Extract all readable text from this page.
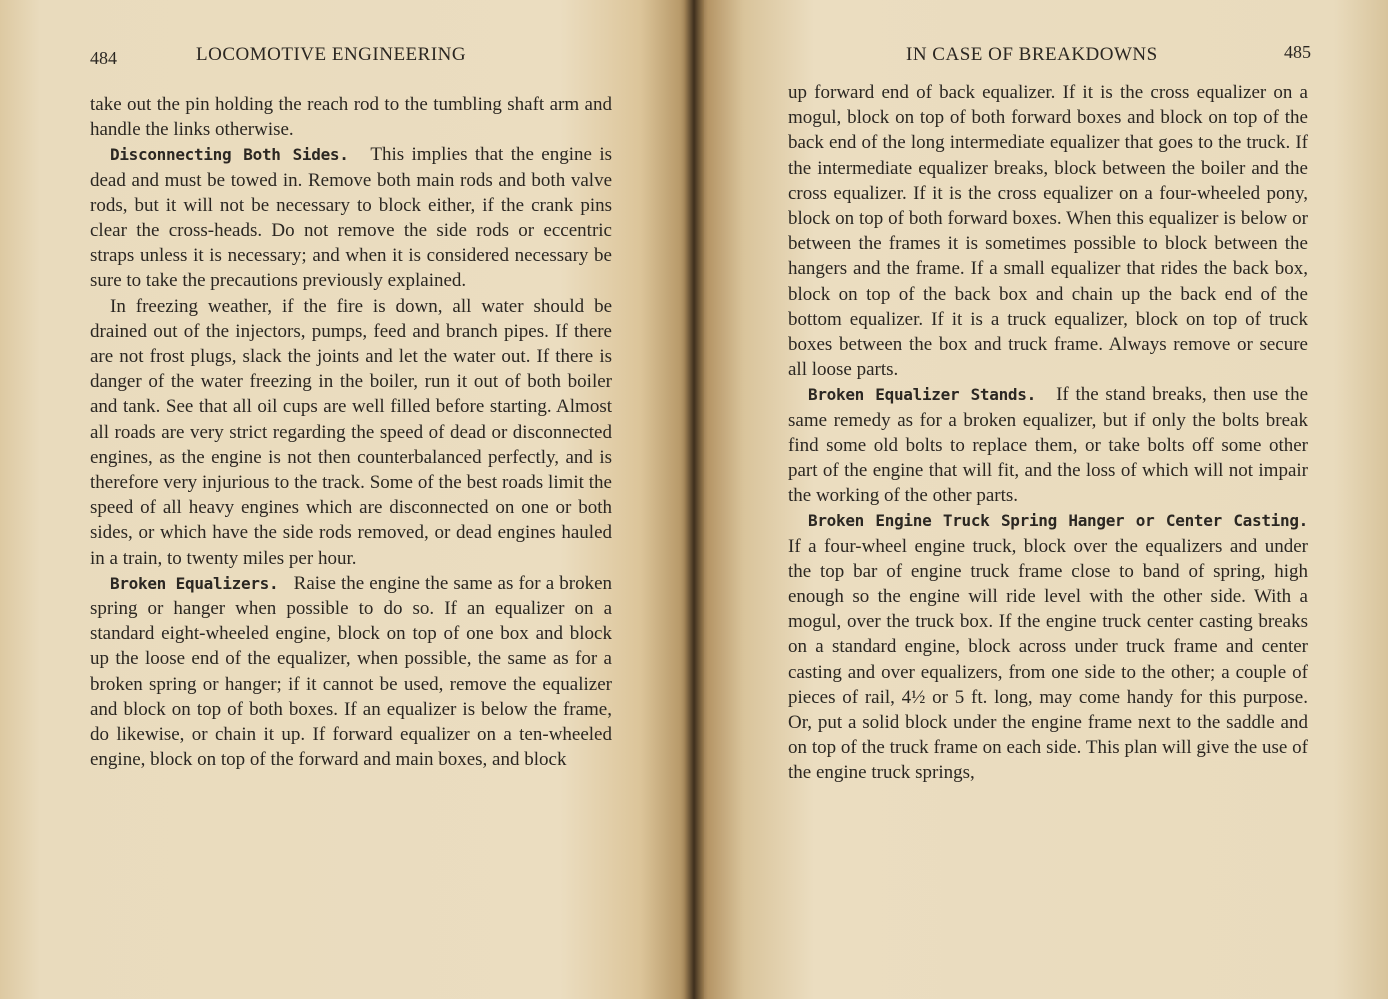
484	LOCOMOTIVE ENGINEERING

take out the pin holding the reach rod to the tumbling shaft arm and handle the links otherwise.

Disconnecting Both Sides. This implies that the engine is dead and must be towed in. Remove both main rods and both valve rods, but it will not be necessary to block either, if the crank pins clear the cross-heads. Do not remove the side rods or eccentric straps unless it is necessary; and when it is considered necessary be sure to take the precautions previously explained.

In freezing weather, if the fire is down, all water should be drained out of the injectors, pumps, feed and branch pipes. If there are not frost plugs, slack the joints and let the water out. If there is danger of the water freezing in the boiler, run it out of both boiler and tank. See that all oil cups are well filled before starting. Almost all roads are very strict regarding the speed of dead or disconnected engines, as the engine is not then counterbalanced perfectly, and is therefore very injurious to the track. Some of the best roads limit the speed of all heavy engines which are disconnected on one or both sides, or which have the side rods removed, or dead engines hauled in a train, to twenty miles per hour.

Broken Equalizers. Raise the engine the same as for a broken spring or hanger when possible to do so. If an equalizer on a standard eight-wheeled engine, block on top of one box and block up the loose end of the equalizer, when possible, the same as for a broken spring or hanger; if it cannot be used, remove the equalizer and block on top of both boxes. If an equalizer is below the frame, do likewise, or chain it up. If forward equalizer on a ten-wheeled engine, block on top of the forward and main boxes, and block

IN CASE OF BREAKDOWNS	485

up forward end of back equalizer. If it is the cross equalizer on a mogul, block on top of both forward boxes and block on top of the back end of the long intermediate equalizer that goes to the truck. If the intermediate equalizer breaks, block between the boiler and the cross equalizer. If it is the cross equalizer on a four-wheeled pony, block on top of both forward boxes. When this equalizer is below or between the frames it is sometimes possible to block between the hangers and the frame. If a small equalizer that rides the back box, block on top of the back box and chain up the back end of the bottom equalizer. If it is a truck equalizer, block on top of truck boxes between the box and truck frame. Always remove or secure all loose parts.

Broken Equalizer Stands. If the stand breaks, then use the same remedy as for a broken equalizer, but if only the bolts break find some old bolts to replace them, or take bolts off some other part of the engine that will fit, and the loss of which will not impair the working of the other parts.

Broken Engine Truck Spring Hanger or Center Casting. If a four-wheel engine truck, block over the equalizers and under the top bar of engine truck frame close to band of spring, high enough so the engine will ride level with the other side. With a mogul, over the truck box. If the engine truck center casting breaks on a standard engine, block across under truck frame and center casting and over equalizers, from one side to the other; a couple of pieces of rail, 4½ or 5 ft. long, may come handy for this purpose. Or, put a solid block under the engine frame next to the saddle and on top of the truck frame on each side. This plan will give the use of the engine truck springs,
